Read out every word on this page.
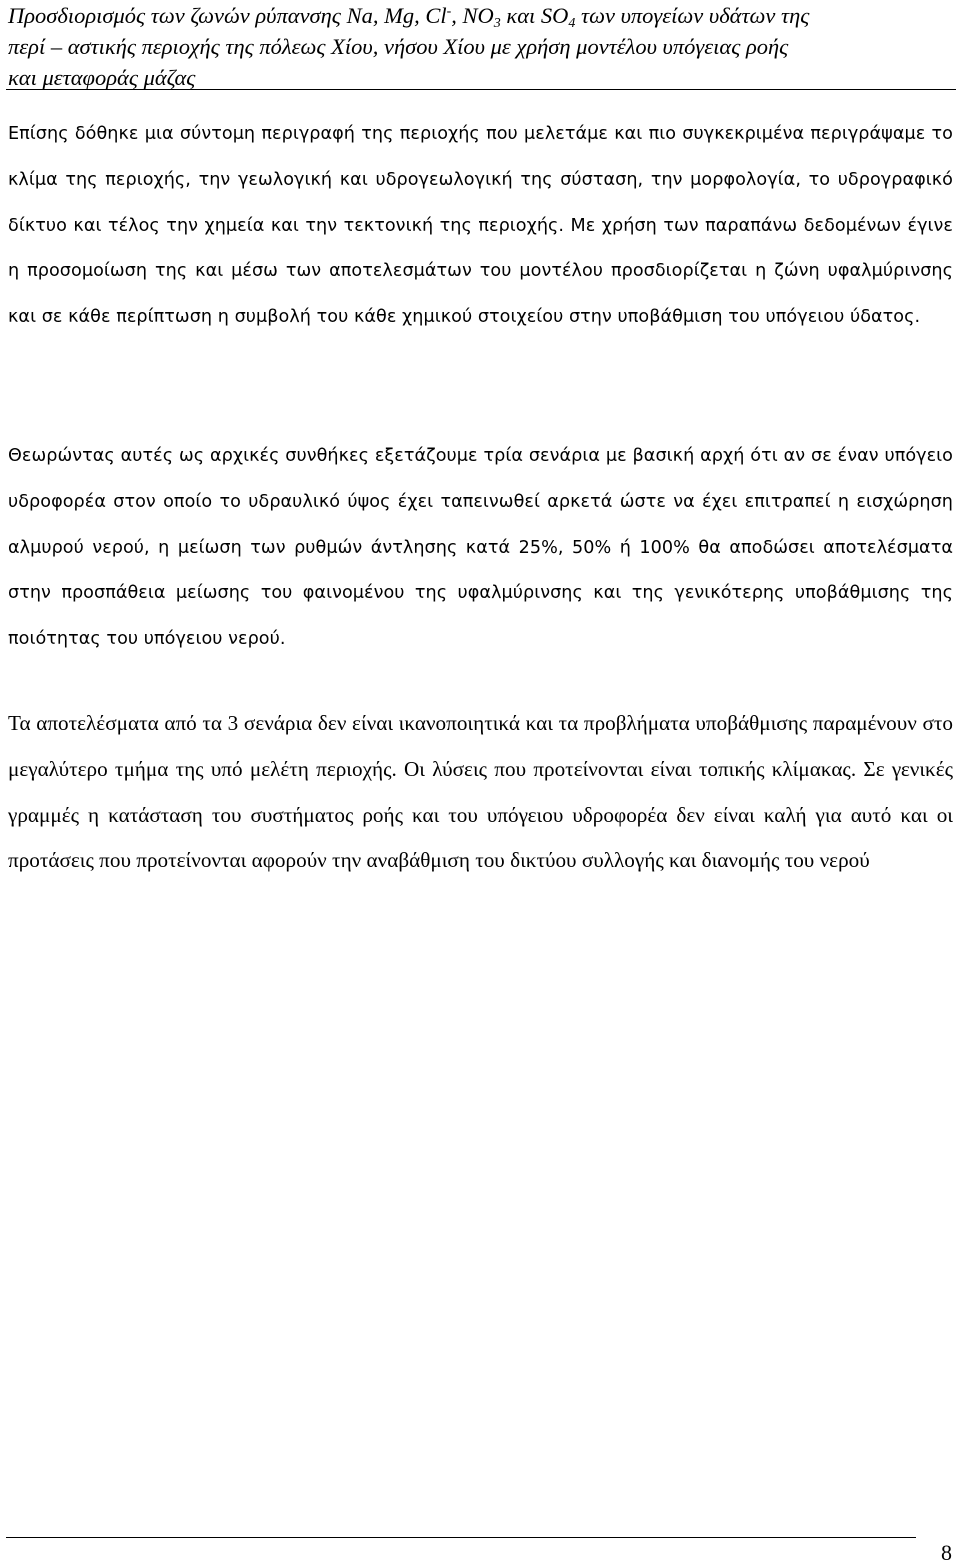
Προσδιορισμός των ζωνών ρύπανσης Na, Mg, Cl-, $NO_3$ και $SO_4$ των υπογείων υδάτων της
περί – αστικής περιοχής της πόλεως Χίου, νήσου Χίου με χρήση μοντέλου υπόγειας ροής
και μεταφοράς μάζας

Επίσης δόθηκε μια σύντομη περιγραφή της περιοχής που μελετάμε και πιο συγκεκριμένα περιγράψαμε το κλίμα της περιοχής, την γεωλογική και υδρογεωλογική της σύσταση, την μορφολογία, το υδρογραφικό δίκτυο και τέλος την χημεία και την τεκτονική της περιοχής. Με χρήση των παραπάνω δεδομένων έγινε η προσομοίωση της και μέσω των αποτελεσμάτων του μοντέλου προσδιορίζεται η ζώνη υφαλμύρινσης και σε κάθε περίπτωση η συμβολή του κάθε χημικού στοιχείου στην υποβάθμιση του υπόγειου ύδατος.

Θεωρώντας αυτές ως αρχικές συνθήκες εξετάζουμε τρία σενάρια με βασική αρχή ότι αν σε έναν υπόγειο υδροφορέα στον οποίο το υδραυλικό ύψος έχει ταπεινωθεί αρκετά ώστε να έχει επιτραπεί η εισχώρηση αλμυρού νερού, η μείωση των ρυθμών άντλησης κατά 25%, 50% ή 100% θα αποδώσει αποτελέσματα στην προσπάθεια μείωσης του φαινομένου της υφαλμύρινσης και της γενικότερης υποβάθμισης της ποιότητας του υπόγειου νερού.

Τα αποτελέσματα από τα 3 σενάρια δεν είναι ικανοποιητικά και τα προβλήματα υποβάθμισης παραμένουν στο μεγαλύτερο τμήμα της υπό μελέτη περιοχής. Οι λύσεις που προτείνονται είναι τοπικής κλίμακας. Σε γενικές γραμμές η κατάσταση του συστήματος ροής και του υπόγειου υδροφορέα δεν είναι καλή για αυτό και οι προτάσεις που προτείνονται αφορούν την αναβάθμιση του δικτύου συλλογής και διανομής του νερού

8
